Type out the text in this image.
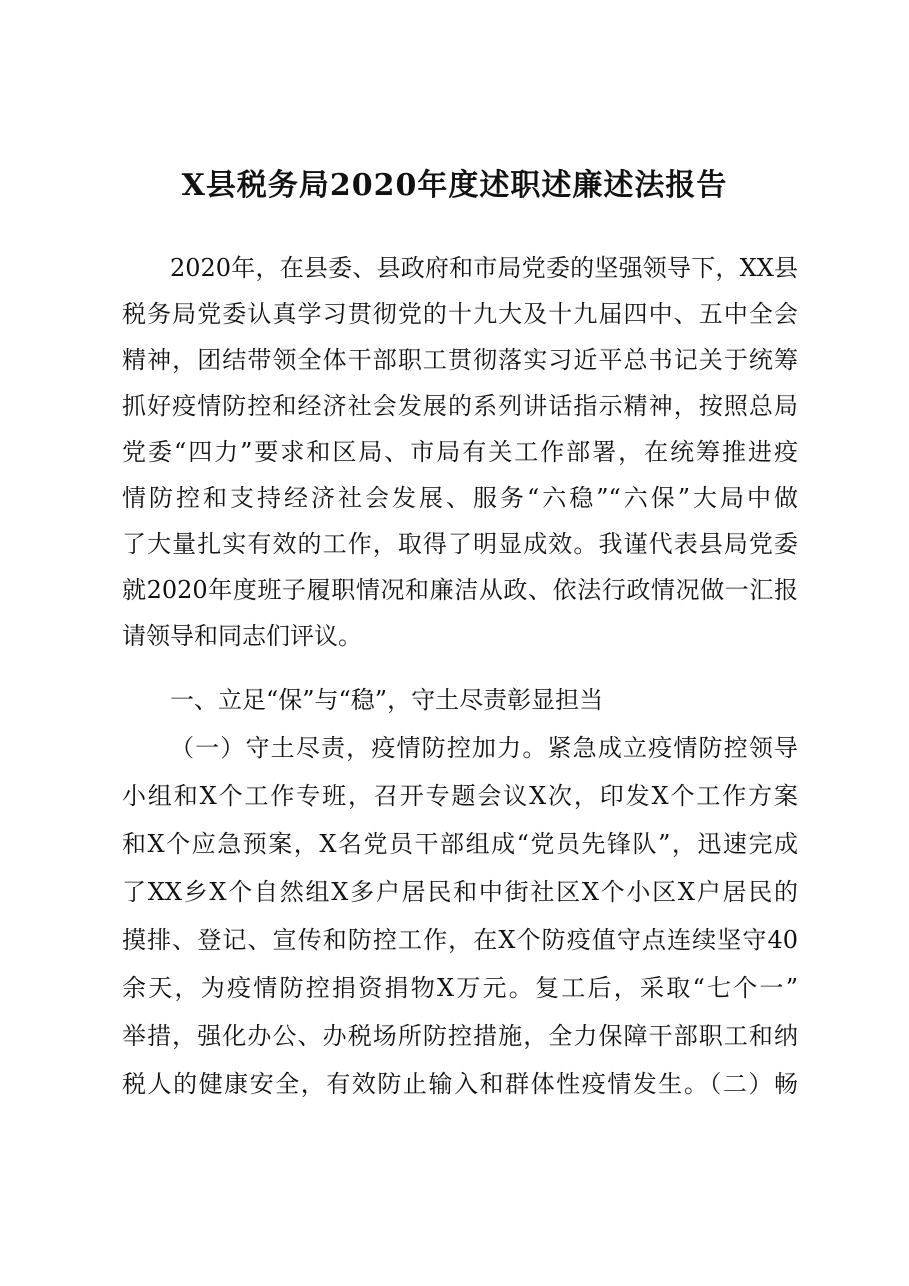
X县税务局2020年度述职述廉述法报告
2020年，在县委、县政府和市局党委的坚强领导下，XX县
税务局党委认真学习贯彻党的十九大及十九届四中、五中全会
精神，团结带领全体干部职工贯彻落实习近平总书记关于统筹
抓好疫情防控和经济社会发展的系列讲话指示精神，按照总局
党委“四力”要求和区局、市局有关工作部署，在统筹推进疫
情防控和支持经济社会发展、服务“六稳”“六保”大局中做
了大量扎实有效的工作，取得了明显成效。我谨代表县局党委
就2020年度班子履职情况和廉洁从政、依法行政情况做一汇报
请领导和同志们评议。
一、立足“保”与“稳”，守土尽责彰显担当
（一）守土尽责，疫情防控加力。紧急成立疫情防控领导
小组和X个工作专班，召开专题会议X次，印发X个工作方案
和X个应急预案，X名党员干部组成“党员先锋队”，迅速完成
了XX乡X个自然组X多户居民和中街社区X个小区X户居民的
摸排、登记、宣传和防控工作，在X个防疫值守点连续坚守40
余天，为疫情防控捐资捐物X万元。复工后，采取“七个一”
举措，强化办公、办税场所防控措施，全力保障干部职工和纳
税人的健康安全，有效防止输入和群体性疫情发生。（二）畅
